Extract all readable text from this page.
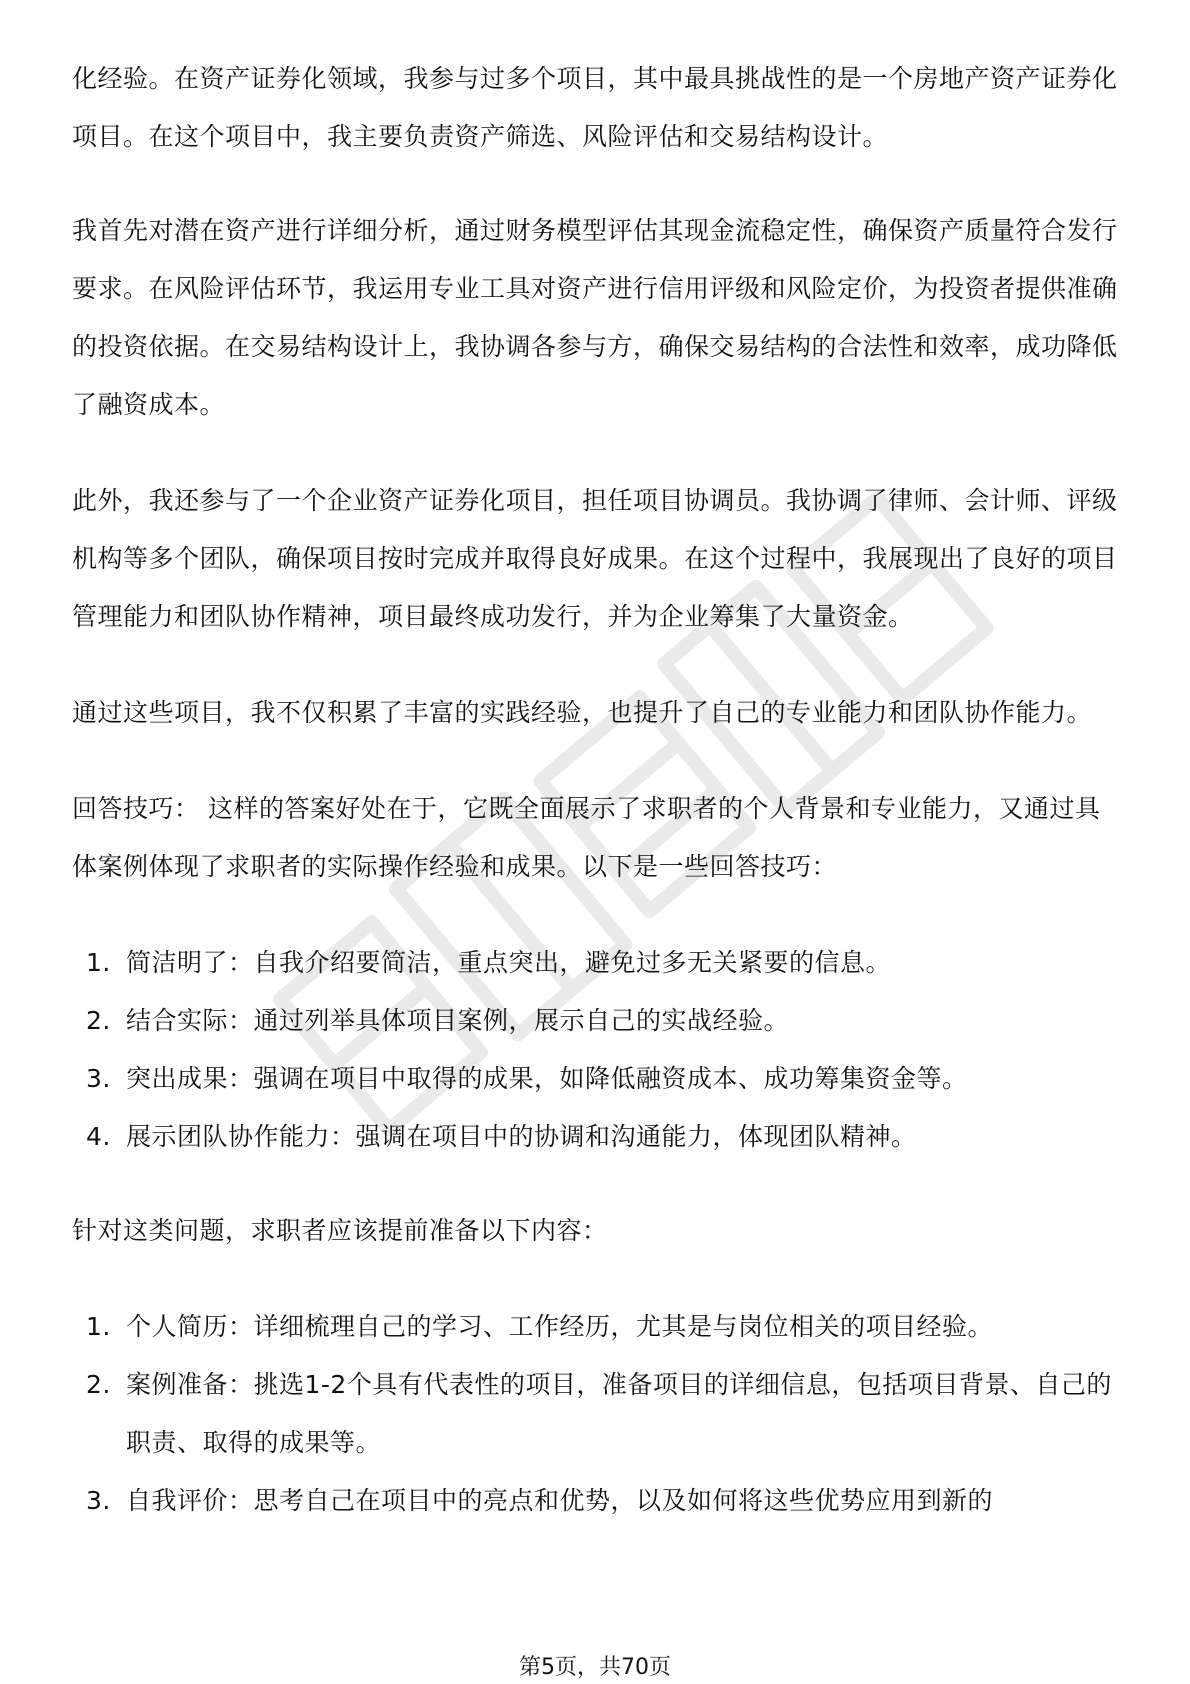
化经验。在资产证券化领域，我参与过多个项目，其中最具挑战性的是一个房地产资产证券化项目。在这个项目中，我主要负责资产筛选、风险评估和交易结构设计。

我首先对潜在资产进行详细分析，通过财务模型评估其现金流稳定性，确保资产质量符合发行要求。在风险评估环节，我运用专业工具对资产进行信用评级和风险定价，为投资者提供准确的投资依据。在交易结构设计上，我协调各参与方，确保交易结构的合法性和效率，成功降低了融资成本。

此外，我还参与了一个企业资产证券化项目，担任项目协调员。我协调了律师、会计师、评级机构等多个团队，确保项目按时完成并取得良好成果。在这个过程中，我展现出了良好的项目管理能力和团队协作精神，项目最终成功发行，并为企业筹集了大量资金。

通过这些项目，我不仅积累了丰富的实践经验，也提升了自己的专业能力和团队协作能力。

回答技巧： 这样的答案好处在于，它既全面展示了求职者的个人背景和专业能力，又通过具体案例体现了求职者的实际操作经验和成果。以下是一些回答技巧：

1. 简洁明了：自我介绍要简洁，重点突出，避免过多无关紧要的信息。
2. 结合实际：通过列举具体项目案例，展示自己的实战经验。
3. 突出成果：强调在项目中取得的成果，如降低融资成本、成功筹集资金等。
4. 展示团队协作能力：强调在项目中的协调和沟通能力，体现团队精神。

针对这类问题，求职者应该提前准备以下内容：

1. 个人简历：详细梳理自己的学习、工作经历，尤其是与岗位相关的项目经验。
2. 案例准备：挑选1-2个具有代表性的项目，准备项目的详细信息，包括项目背景、自己的职责、取得的成果等。
3. 自我评价：思考自己在项目中的亮点和优势，以及如何将这些优势应用到新的
第5页，共70页
